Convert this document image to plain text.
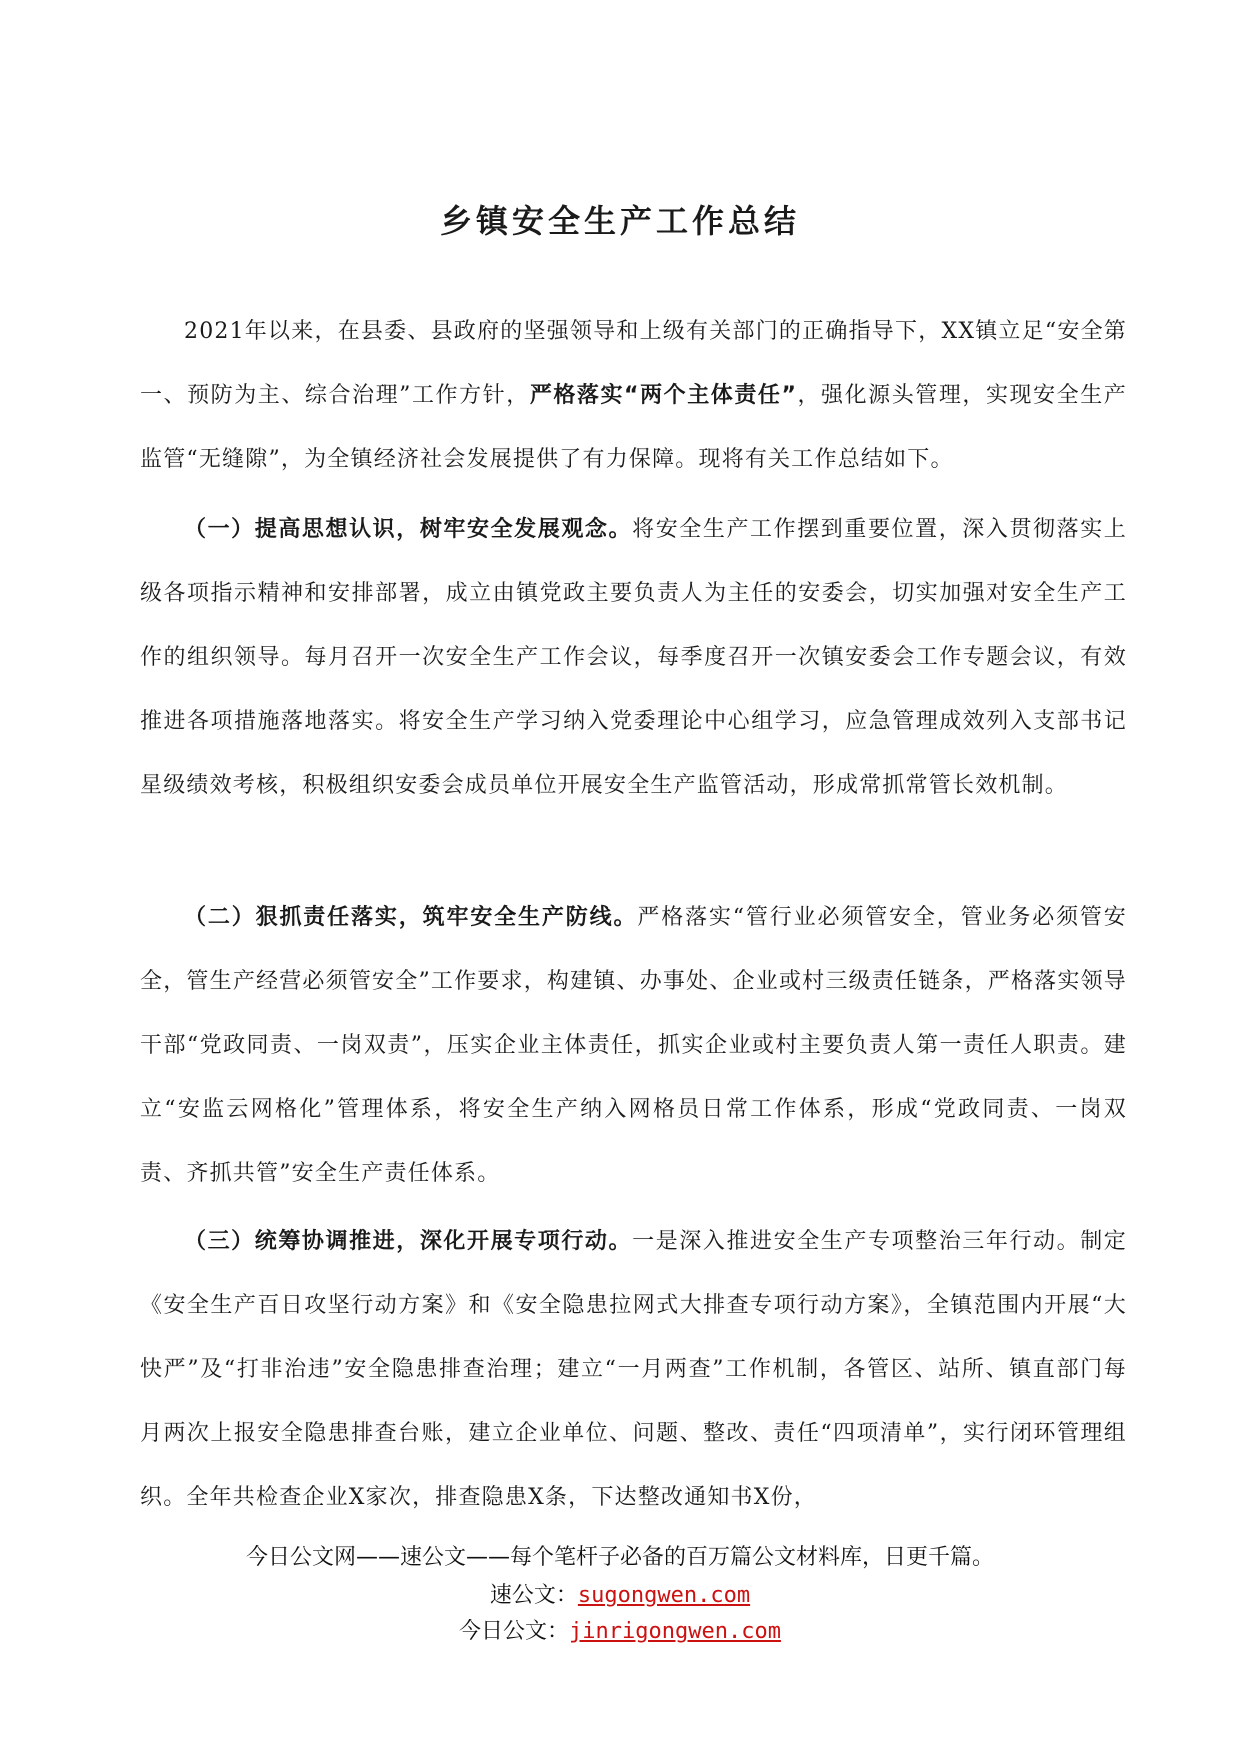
乡镇安全生产工作总结
2021年以来，在县委、县政府的坚强领导和上级有关部门的正确指导下，XX镇立足“安全第一、预防为主、综合治理”工作方针，严格落实“两个主体责任”，强化源头管理，实现安全生产监管“无缝隙”，为全镇经济社会发展提供了有力保障。现将有关工作总结如下。
（一）提高思想认识，树牢安全发展观念。将安全生产工作摆到重要位置，深入贯彻落实上级各项指示精神和安排部署，成立由镇党政主要负责人为主任的安委会，切实加强对安全生产工作的组织领导。每月召开一次安全生产工作会议，每季度召开一次镇安委会工作专题会议，有效推进各项措施落地落实。将安全生产学习纳入党委理论中心组学习，应急管理成效列入支部书记星级绩效考核，积极组织安委会成员单位开展安全生产监管活动，形成常抓常管长效机制。
（二）狠抓责任落实，筑牢安全生产防线。严格落实“管行业必须管安全，管业务必须管安全，管生产经营必须管安全”工作要求，构建镇、办事处、企业或村三级责任链条，严格落实领导干部“党政同责、一岗双责”，压实企业主体责任，抓实企业或村主要负责人第一责任人职责。建立“安监云网格化”管理体系，将安全生产纳入网格员日常工作体系，形成“党政同责、一岗双责、齐抓共管”安全生产责任体系。
（三）统筹协调推进，深化开展专项行动。一是深入推进安全生产专项整治三年行动。制定《安全生产百日攻坚行动方案》和《安全隐患拉网式大排查专项行动方案》，全镇范围内开展“大快严”及“打非治违”安全隐患排查治理；建立“一月两查”工作机制，各管区、站所、镇直部门每月两次上报安全隐患排查台账，建立企业单位、问题、整改、责任“四项清单”，实行闭环管理组织。全年共检查企业X家次，排查隐患X条，下达整改通知书X份，
今日公文网——速公文——每个笔杆子必备的百万篇公文材料库，日更千篇。
速公文：sugongwen.com
今日公文：jinrigongwen.com
